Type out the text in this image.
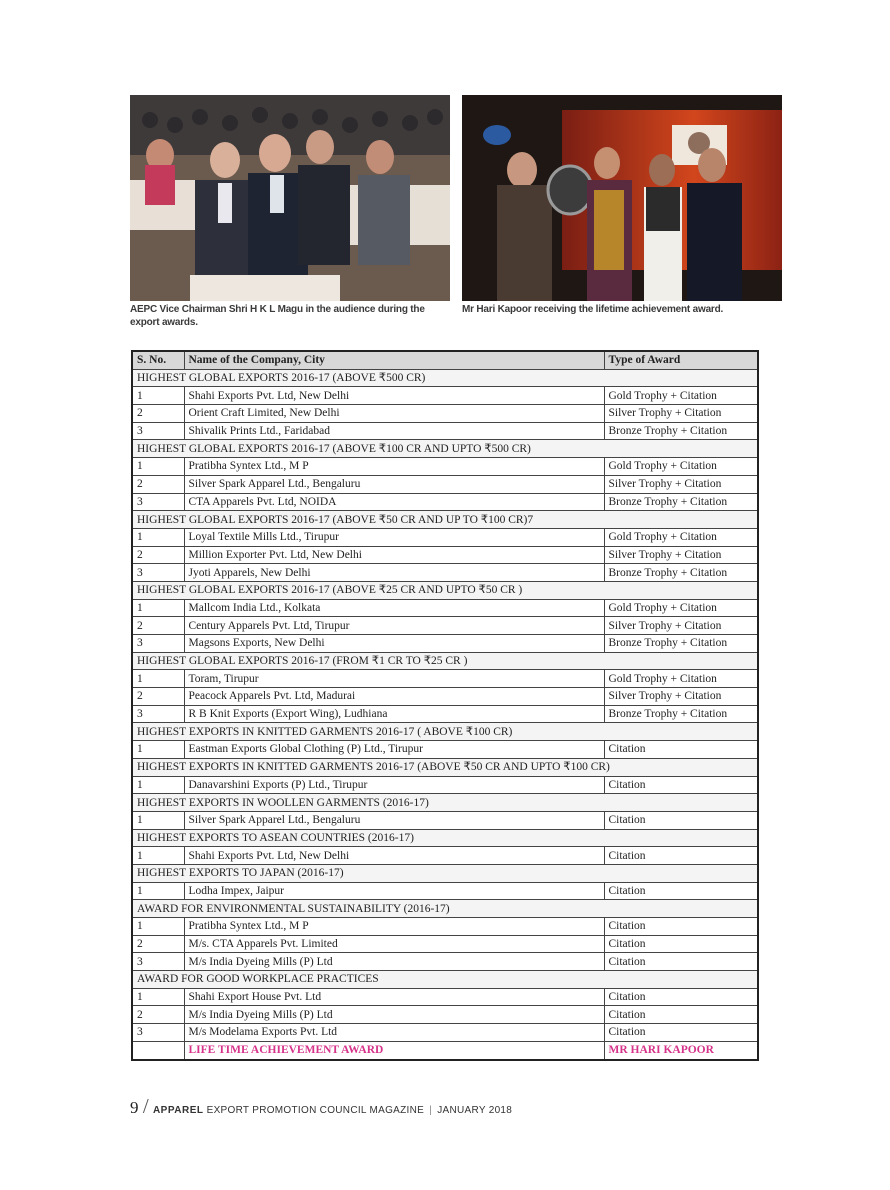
AEPC Vice Chairman Shri H K L Magu in the audience during the export awards.
Mr Hari Kapoor receiving the lifetime achievement award.
S. No.	Name of the Company, City	Type of Award
HIGHEST GLOBAL EXPORTS 2016-17 (ABOVE ₹500 CR)		
1	Shahi Exports Pvt. Ltd, New Delhi	Gold Trophy + Citation
2	Orient Craft Limited, New Delhi	Silver Trophy + Citation
3	Shivalik Prints Ltd., Faridabad	Bronze Trophy + Citation
HIGHEST GLOBAL EXPORTS 2016-17 (ABOVE ₹100 CR AND UPTO ₹500 CR)		
1	Pratibha Syntex Ltd., M P	Gold Trophy + Citation
2	Silver Spark Apparel Ltd., Bengaluru	Silver Trophy + Citation
3	CTA Apparels Pvt. Ltd, NOIDA	Bronze Trophy + Citation
HIGHEST GLOBAL EXPORTS 2016-17 (ABOVE ₹50 CR AND UP TO ₹100 CR)7		
1	Loyal Textile Mills Ltd., Tirupur	Gold Trophy + Citation
2	Million Exporter Pvt. Ltd, New Delhi	Silver Trophy + Citation
3	Jyoti Apparels, New Delhi	Bronze Trophy + Citation
HIGHEST GLOBAL EXPORTS 2016-17 (ABOVE ₹25 CR AND UPTO ₹50 CR )		
1	Mallcom India Ltd., Kolkata	Gold Trophy + Citation
2	Century Apparels Pvt. Ltd, Tirupur	Silver Trophy + Citation
3	Magsons Exports, New Delhi	Bronze Trophy + Citation
HIGHEST GLOBAL EXPORTS 2016-17 (FROM ₹1 CR TO ₹25 CR )		
1	Toram, Tirupur	Gold Trophy + Citation
2	Peacock Apparels Pvt. Ltd, Madurai	Silver Trophy + Citation
3	R B Knit Exports (Export Wing), Ludhiana	Bronze Trophy + Citation
HIGHEST EXPORTS IN KNITTED GARMENTS 2016-17 ( ABOVE ₹100 CR)		
1	Eastman Exports Global Clothing (P) Ltd., Tirupur	Citation
HIGHEST EXPORTS IN KNITTED GARMENTS 2016-17 (ABOVE ₹50 CR AND UPTO ₹100 CR)		
1	Danavarshini Exports (P) Ltd., Tirupur	Citation
HIGHEST EXPORTS IN WOOLLEN GARMENTS (2016-17)		
1	Silver Spark Apparel Ltd., Bengaluru	Citation
HIGHEST EXPORTS TO ASEAN COUNTRIES (2016-17)		
1	Shahi Exports Pvt. Ltd, New Delhi	Citation
HIGHEST EXPORTS TO JAPAN (2016-17)		
1	Lodha Impex, Jaipur	Citation
AWARD FOR ENVIRONMENTAL SUSTAINABILITY (2016-17)		
1	Pratibha Syntex Ltd., M P	Citation
2	M/s. CTA Apparels Pvt. Limited	Citation
3	M/s India Dyeing Mills (P) Ltd	Citation
AWARD FOR GOOD WORKPLACE PRACTICES		
1	Shahi Export House Pvt. Ltd	Citation
2	M/s India Dyeing Mills (P) Ltd	Citation
3	M/s Modelama Exports Pvt. Ltd	Citation
	LIFE TIME ACHIEVEMENT AWARD	MR HARI KAPOOR
9 / APPAREL EXPORT PROMOTION COUNCIL MAGAZINE | JANUARY 2018
